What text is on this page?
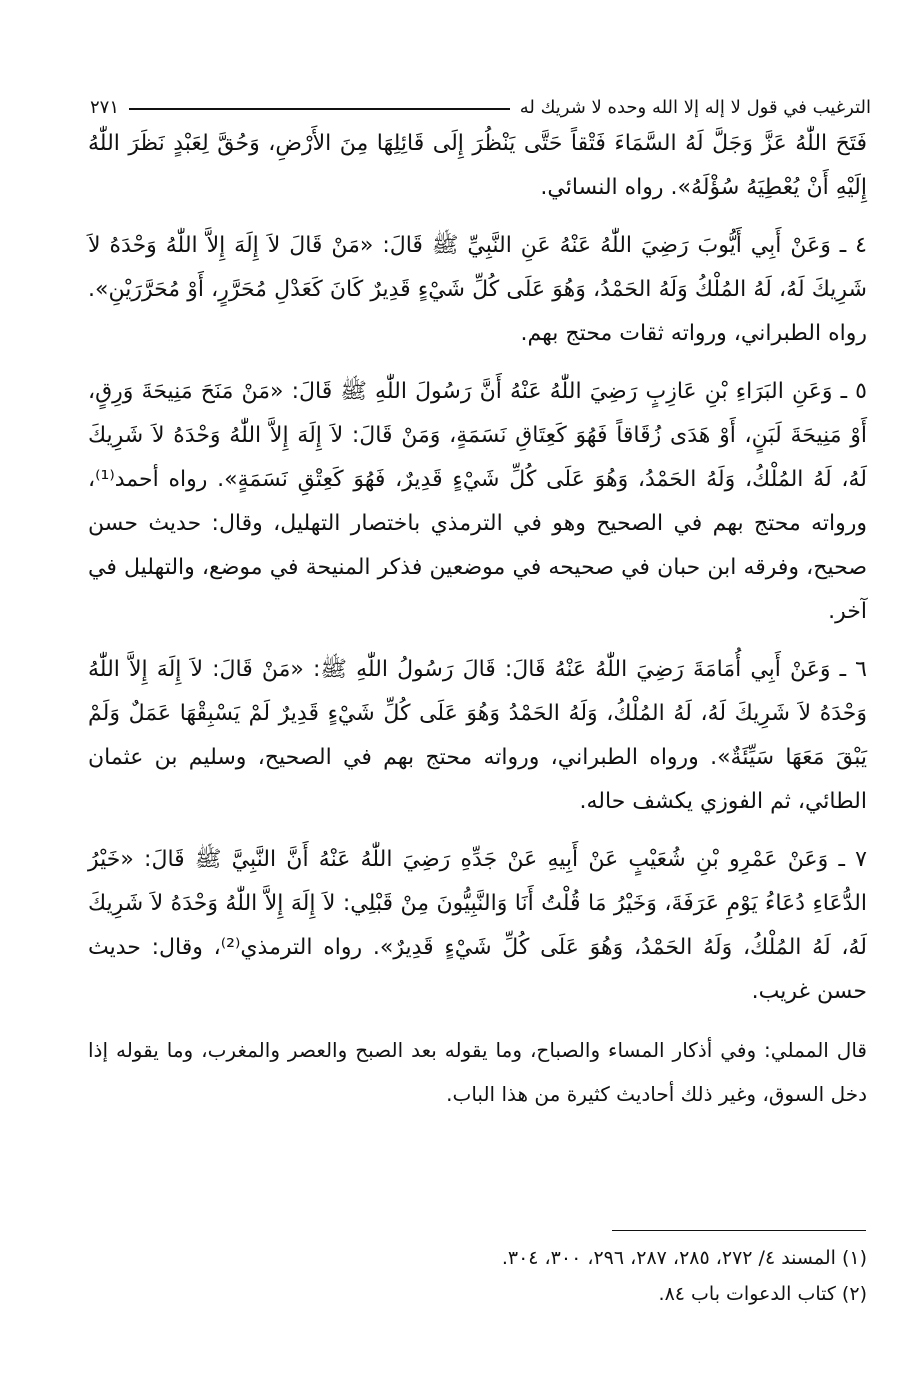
الترغيب في قول لا إله إلا الله وحده لا شريك له
٢٧١

فَتَحَ اللّٰهُ عَزَّ وَجَلَّ لَهُ السَّمَاءَ فَتْقاً حَتَّى يَنْظُرَ إِلَى قَائِلِهَا مِنَ الأَرْضِ، وَحُقَّ لِعَبْدٍ نَظَرَ اللّٰهُ إِلَيْهِ أَنْ يُعْطِيَهُ سُؤْلَهُ». رواه النسائي.

٤ ـ وَعَنْ أَبِي أَيُّوبَ رَضِيَ اللّٰهُ عَنْهُ عَنِ النَّبِيِّ ﷺ قَالَ: «مَنْ قَالَ لاَ إِلَهَ إِلاَّ اللّٰهُ وَحْدَهُ لاَ شَرِيكَ لَهُ، لَهُ المُلْكُ وَلَهُ الحَمْدُ، وَهُوَ عَلَى كُلِّ شَيْءٍ قَدِيرٌ كَانَ كَعَدْلِ مُحَرَّرٍ، أَوْ مُحَرَّرَيْنِ». رواه الطبراني، ورواته ثقات محتج بهم.

٥ ـ وَعَنِ البَرَاءِ بْنِ عَازِبٍ رَضِيَ اللّٰهُ عَنْهُ أَنَّ رَسُولَ اللّٰهِ ﷺ قَالَ: «مَنْ مَنَحَ مَنِيحَةَ وَرِقٍ، أَوْ مَنِيحَةَ لَبَنٍ، أَوْ هَدَى زُقَاقاً فَهُوَ كَعِتَاقِ نَسَمَةٍ، وَمَنْ قَالَ: لاَ إِلَهَ إِلاَّ اللّٰهُ وَحْدَهُ لاَ شَرِيكَ لَهُ، لَهُ المُلْكُ، وَلَهُ الحَمْدُ، وَهُوَ عَلَى كُلِّ شَيْءٍ قَدِيرٌ، فَهُوَ كَعِتْقِ نَسَمَةٍ». رواه أحمد⁽¹⁾، ورواته محتج بهم في الصحيح وهو في الترمذي باختصار التهليل، وقال: حديث حسن صحيح، وفرقه ابن حبان في صحيحه في موضعين فذكر المنيحة في موضع، والتهليل في آخر.

٦ ـ وَعَنْ أَبِي أُمَامَةَ رَضِيَ اللّٰهُ عَنْهُ قَالَ: قَالَ رَسُولُ اللّٰهِ ﷺ: «مَنْ قَالَ: لاَ إِلَهَ إِلاَّ اللّٰهُ وَحْدَهُ لاَ شَرِيكَ لَهُ، لَهُ المُلْكُ، وَلَهُ الحَمْدُ وَهُوَ عَلَى كُلِّ شَيْءٍ قَدِيرٌ لَمْ يَسْبِقْهَا عَمَلٌ وَلَمْ يَبْقَ مَعَهَا سَيِّئَةٌ». ورواه الطبراني، ورواته محتج بهم في الصحيح، وسليم بن عثمان الطائي، ثم الفوزي يكشف حاله.

٧ ـ وَعَنْ عَمْرِو بْنِ شُعَيْبٍ عَنْ أَبِيهِ عَنْ جَدِّهِ رَضِيَ اللّٰهُ عَنْهُ أَنَّ النَّبِيَّ ﷺ قَالَ: «خَيْرُ الدُّعَاءِ دُعَاءُ يَوْمِ عَرَفَةَ، وَخَيْرُ مَا قُلْتُ أَنَا وَالنَّبِيُّونَ مِنْ قَبْلِي: لاَ إِلَهَ إِلاَّ اللّٰهُ وَحْدَهُ لاَ شَرِيكَ لَهُ، لَهُ المُلْكُ، وَلَهُ الحَمْدُ، وَهُوَ عَلَى كُلِّ شَيْءٍ قَدِيرٌ». رواه الترمذي⁽²⁾، وقال: حديث حسن غريب.

قال المملي: وفي أذكار المساء والصباح، وما يقوله بعد الصبح والعصر والمغرب، وما يقوله إذا دخل السوق، وغير ذلك أحاديث كثيرة من هذا الباب.

(١) المسند ٤/ ٢٧٢، ٢٨٥، ٢٨٧، ٢٩٦، ٣٠٠، ٣٠٤.
(٢) كتاب الدعوات باب ٨٤.
